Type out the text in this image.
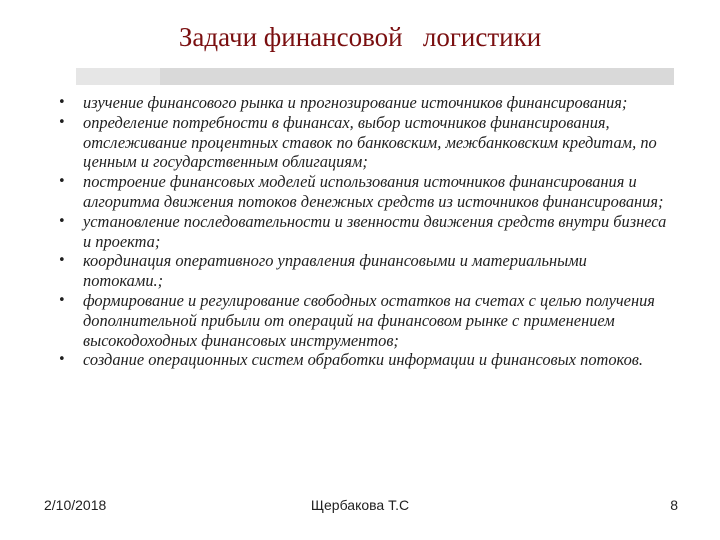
Задачи финансовой   логистики
• изучение финансового рынка и прогнозирование источников финансирования;
• определение потребности в финансах, выбор источников финансирования, отслеживание процентных ставок по банковским, межбанковским кредитам, по ценным и государственным облигациям;
• построение финансовых моделей использования источников финансирования и алгоритма движения потоков денежных средств из источников финансирования;
• установление последовательности и звенности движения средств внутри бизнеса и проекта;
• координация оперативного управления финансовыми и материальными потоками.;
• формирование и регулирование свободных остатков на счетах с целью получения дополнительной прибыли от операций на финансовом рынке с применением высокодоходных финансовых инструментов;
• создание операционных систем обработки информации и финансовых потоков.
2/10/2018	Щербакова Т.С	8
